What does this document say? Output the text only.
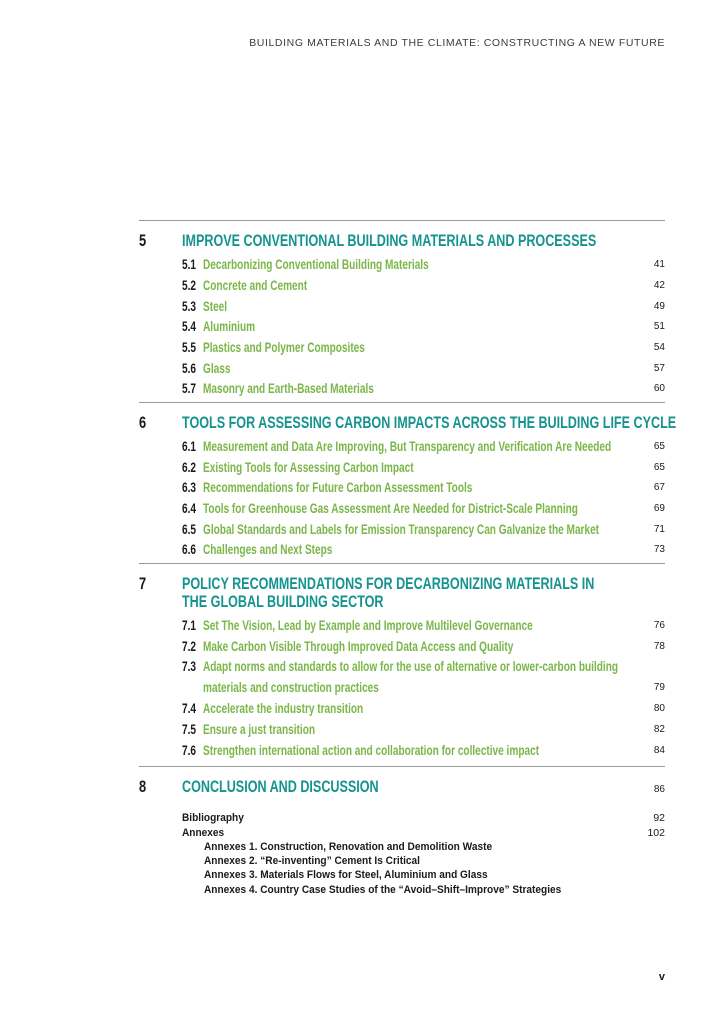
BUILDING MATERIALS AND THE CLIMATE: CONSTRUCTING A NEW FUTURE
5 IMPROVE CONVENTIONAL BUILDING MATERIALS AND PROCESSES
5.1 Decarbonizing Conventional Building Materials	41
5.2 Concrete and Cement	42
5.3 Steel	49
5.4 Aluminium	51
5.5 Plastics and Polymer Composites	54
5.6 Glass	57
5.7 Masonry and Earth-Based Materials	60
6 TOOLS FOR ASSESSING CARBON IMPACTS ACROSS THE BUILDING LIFE CYCLE
6.1 Measurement and Data Are Improving, But Transparency and Verification Are Needed	65
6.2 Existing Tools for Assessing Carbon Impact	65
6.3 Recommendations for Future Carbon Assessment Tools	67
6.4 Tools for Greenhouse Gas Assessment Are Needed for District-Scale Planning	69
6.5 Global Standards and Labels for Emission Transparency Can Galvanize the Market	71
6.6 Challenges and Next Steps	73
7 POLICY RECOMMENDATIONS FOR DECARBONIZING MATERIALS IN
THE GLOBAL BUILDING SECTOR
7.1 Set The Vision, Lead by Example and Improve Multilevel Governance	76
7.2 Make Carbon Visible Through Improved Data Access and Quality	78
7.3 Adapt norms and standards to allow for the use of alternative or lower-carbon building
materials and construction practices	79
7.4 Accelerate the industry transition	80
7.5 Ensure a just transition	82
7.6 Strengthen international action and collaboration for collective impact	84
8 CONCLUSION AND DISCUSSION	86
Bibliography	92
Annexes	102
Annexes 1. Construction, Renovation and Demolition Waste
Annexes 2. “Re-inventing” Cement Is Critical
Annexes 3. Materials Flows for Steel, Aluminium and Glass
Annexes 4. Country Case Studies of the “Avoid–Shift–Improve” Strategies
v
